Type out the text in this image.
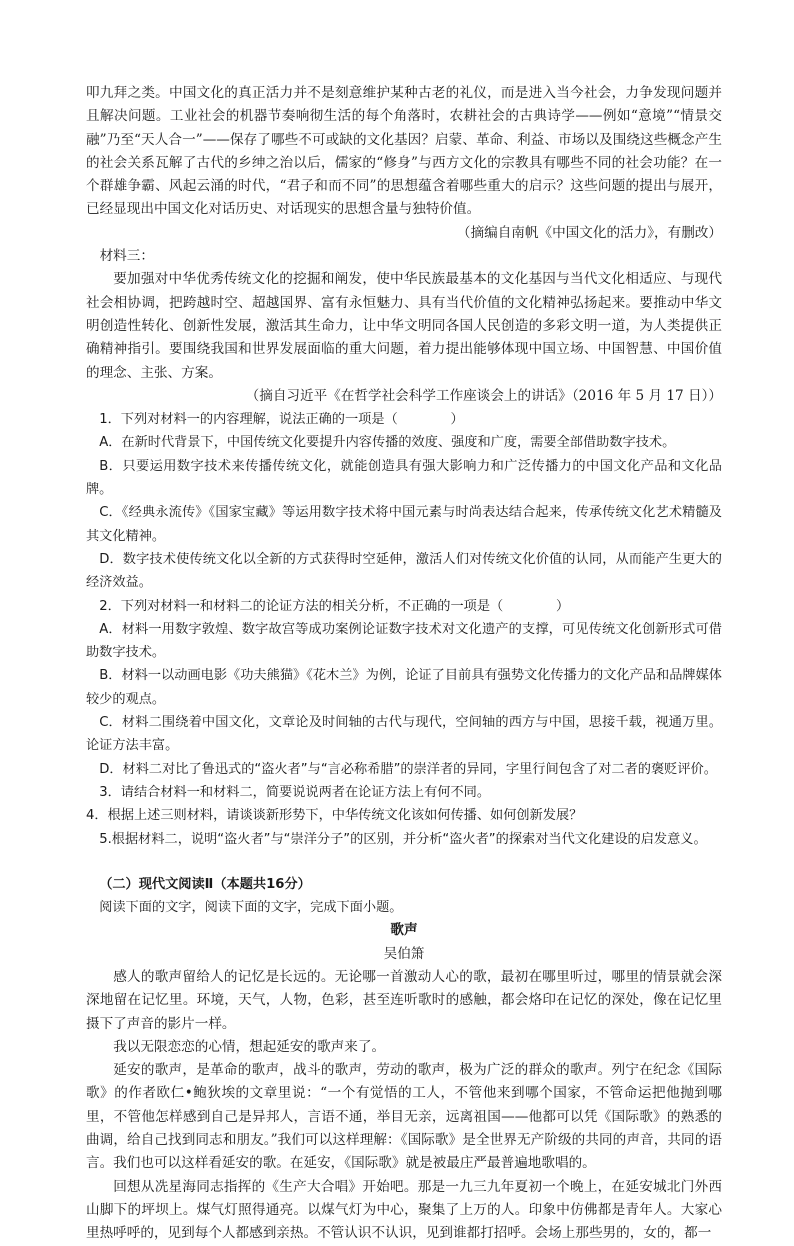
叩九拜之类。中国文化的真正活力并不是刻意维护某种古老的礼仪，而是进入当今社会，力争发现问题并且解决问题。工业社会的机器节奏响彻生活的每个角落时，农耕社会的古典诗学——例如“意境”“情景交融”乃至“天人合一”——保存了哪些不可或缺的文化基因？启蒙、革命、利益、市场以及围绕这些概念产生的社会关系瓦解了古代的乡绅之治以后，儒家的“修身”与西方文化的宗教具有哪些不同的社会功能？在一个群雄争霸、风起云涌的时代，“君子和而不同”的思想蕴含着哪些重大的启示？这些问题的提出与展开，已经显现出中国文化对话历史、对话现实的思想含量与独特价值。

（摘编自南帆《中国文化的活力》，有删改）

材料三：

要加强对中华优秀传统文化的挖掘和阐发，使中华民族最基本的文化基因与当代文化相适应、与现代社会相协调，把跨越时空、超越国界、富有永恒魅力、具有当代价值的文化精神弘扬起来。要推动中华文明创造性转化、创新性发展，激活其生命力，让中华文明同各国人民创造的多彩文明一道，为人类提供正确精神指引。要围绕我国和世界发展面临的重大问题，着力提出能够体现中国立场、中国智慧、中国价值的理念、主张、方案。

（摘自习近平《在哲学社会科学工作座谈会上的讲话》（2016 年 5 月 17 日））

1．下列对材料一的内容理解，说法正确的一项是（　　　　）

A．在新时代背景下，中国传统文化要提升内容传播的效度、强度和广度，需要全部借助数字技术。

B．只要运用数字技术来传播传统文化，就能创造具有强大影响力和广泛传播力的中国文化产品和文化品牌。

C．《经典永流传》《国家宝藏》等运用数字技术将中国元素与时尚表达结合起来，传承传统文化艺术精髓及其文化精神。

D．数字技术使传统文化以全新的方式获得时空延伸，激活人们对传统文化价值的认同，从而能产生更大的经济效益。

2．下列对材料一和材料二的论证方法的相关分析，不正确的一项是（　　　　）

A．材料一用数字敦煌、数字故宫等成功案例论证数字技术对文化遗产的支撑，可见传统文化创新形式可借助数字技术。

B．材料一以动画电影《功夫熊猫》《花木兰》为例，论证了目前具有强势文化传播力的文化产品和品牌媒体较少的观点。

C．材料二围绕着中国文化，文章论及时间轴的古代与现代，空间轴的西方与中国，思接千载，视通万里。论证方法丰富。

D．材料二对比了鲁迅式的“盗火者”与“言必称希腊”的崇洋者的异同，字里行间包含了对二者的褒贬评价。

3．请结合材料一和材料二，简要说说两者在论证方法上有何不同。

4．根据上述三则材料，请谈谈新形势下，中华传统文化该如何传播、如何创新发展？

5.根据材料二，说明“盗火者”与“崇洋分子”的区别，并分析“盗火者”的探索对当代文化建设的启发意义。

（二）现代文阅读Ⅱ（本题共16分）

阅读下面的文字，阅读下面的文字，完成下面小题。

歌声

吴伯箫

感人的歌声留给人的记忆是长远的。无论哪一首激动人心的歌，最初在哪里听过，哪里的情景就会深深地留在记忆里。环境，天气，人物，色彩，甚至连听歌时的感触，都会烙印在记忆的深处，像在记忆里摄下了声音的影片一样。

我以无限恋恋的心情，想起延安的歌声来了。

延安的歌声，是革命的歌声，战斗的歌声，劳动的歌声，极为广泛的群众的歌声。列宁在纪念《国际歌》的作者欧仁•鲍狄埃的文章里说：“一个有觉悟的工人，不管他来到哪个国家，不管命运把他抛到哪里，不管他怎样感到自己是异邦人，言语不通，举目无亲，远离祖国——他都可以凭《国际歌》的熟悉的曲调，给自己找到同志和朋友。”我们可以这样理解：《国际歌》是全世界无产阶级的共同的声音，共同的语言。我们也可以这样看延安的歌。在延安，《国际歌》就是被最庄严最普遍地歌唱的。

回想从冼星海同志指挥的《生产大合唱》开始吧。那是一九三九年夏初一个晚上，在延安城北门外西山脚下的坪坝上。煤气灯照得通亮。以煤气灯为中心，聚集了上万的人。印象中仿佛都是青年人。大家心里热呼呼的，见到每个人都感到亲热。不管认识不认识，见到谁都打招呼。会场上那些男的，女的，都一
